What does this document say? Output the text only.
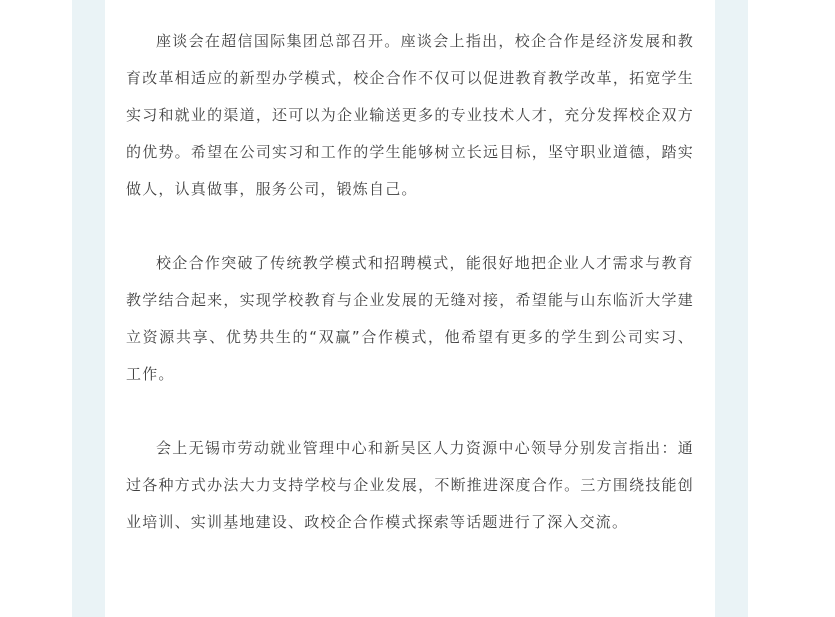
座谈会在超信国际集团总部召开。座谈会上指出，校企合作是经济发展和教育改革相适应的新型办学模式，校企合作不仅可以促进教育教学改革，拓宽学生实习和就业的渠道，还可以为企业输送更多的专业技术人才，充分发挥校企双方的优势。希望在公司实习和工作的学生能够树立长远目标，坚守职业道德，踏实做人，认真做事，服务公司，锻炼自己。

校企合作突破了传统教学模式和招聘模式，能很好地把企业人才需求与教育教学结合起来，实现学校教育与企业发展的无缝对接，希望能与山东临沂大学建立资源共享、优势共生的“双赢”合作模式，他希望有更多的学生到公司实习、工作。

会上无锡市劳动就业管理中心和新吴区人力资源中心领导分别发言指出：通过各种方式办法大力支持学校与企业发展，不断推进深度合作。三方围绕技能创业培训、实训基地建设、政校企合作模式探索等话题进行了深入交流。
